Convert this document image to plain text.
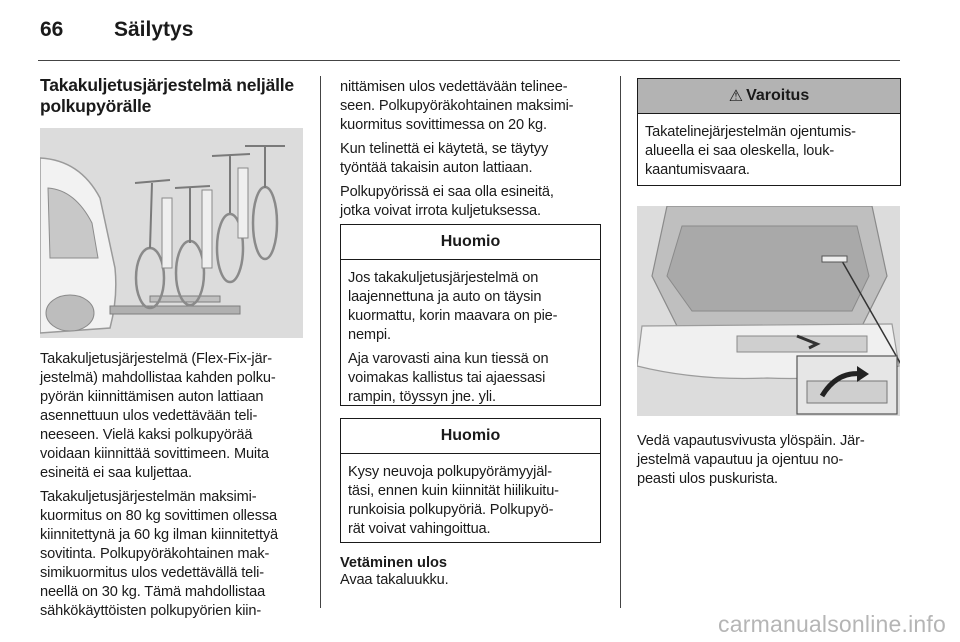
66 Säilytys
Takakuljetusjärjestelmä neljälle
polkupyörälle

Takakuljetusjärjestelmä (Flex-Fix-jär-
jestelmä) mahdollistaa kahden polku-
pyörän kiinnittämisen auton lattiaan
asennettuun ulos vedettävään teli-
neeseen. Vielä kaksi polkupyörää
voidaan kiinnittää sovittimeen. Muita
esineitä ei saa kuljettaa.

Takakuljetusjärjestelmän maksimi-
kuormitus on 80 kg sovittimen ollessa
kiinnitettynä ja 60 kg ilman kiinnitettyä
sovitinta. Polkupyöräkohtainen mak-
simikuormitus ulos vedettävällä teli-
neellä on 30 kg. Tämä mahdollistaa
sähkökäyttöisten polkupyörien kiin-

nittämisen ulos vedettävään telinee-
seen. Polkupyöräkohtainen maksimi-
kuormitus sovittimessa on 20 kg.

Kun telinettä ei käytetä, se täytyy
työntää takaisin auton lattiaan.

Polkupyörissä ei saa olla esineitä,
jotka voivat irrota kuljetuksessa.

Huomio

Jos takakuljetusjärjestelmä on
laajennettuna ja auto on täysin
kuormattu, korin maavara on pie-
nempi.

Aja varovasti aina kun tiessä on
voimakas kallistus tai ajaessasi
rampin, töyssyn jne. yli.

Huomio

Kysy neuvoja polkupyörämyyjäl-
täsi, ennen kuin kiinnität hiilikuitu-
runkoisia polkupyöriä. Polkupyö-
rät voivat vahingoittua.

Vetäminen ulos

Avaa takaluukku.

⚠ Varoitus

Takatelinejärjestelmän ojentumis-
alueella ei saa oleskella, louk-
kaantumisvaara.

Vedä vapautusvivusta ylöspäin. Jär-
jestelmä vapautuu ja ojentuu no-
peasti ulos puskurista.

carmanualsonline.info
